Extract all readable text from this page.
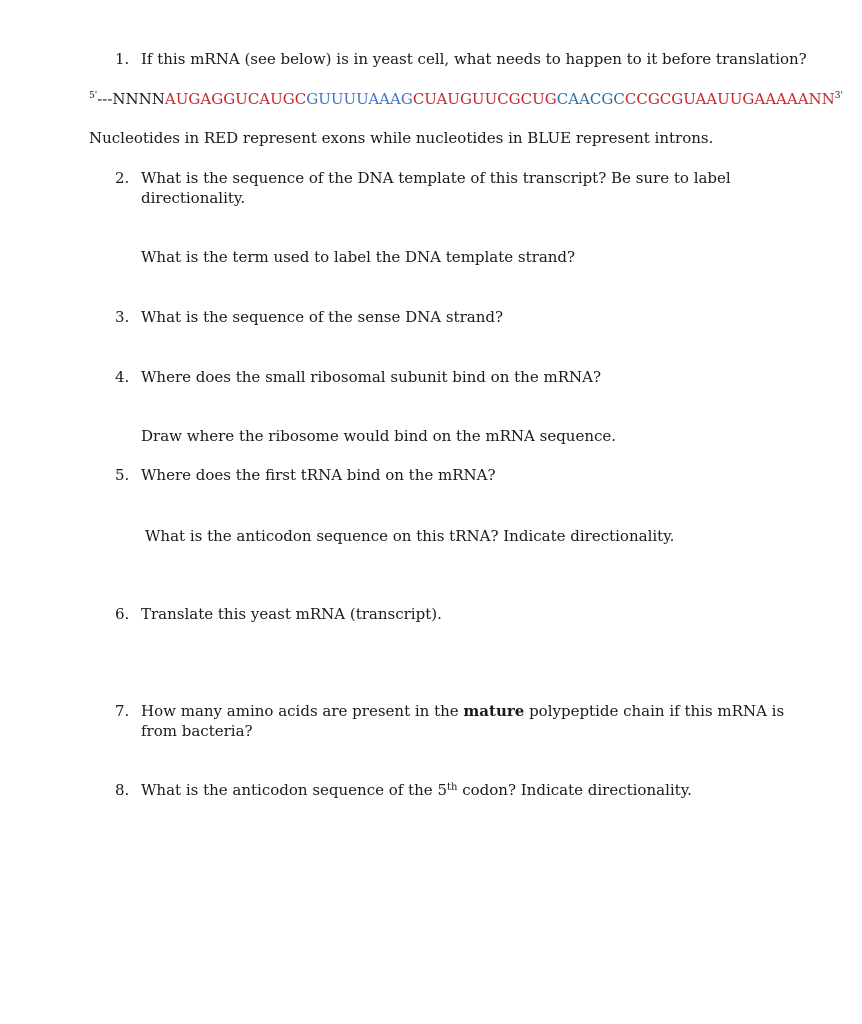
1. If this mRNA (see below) is in yeast cell, what needs to happen to it before translation?
$^{5'}---NNNNAUGAGGUCAUGCGUUUUAAAGCUAUGUUCGCUGCAACGCCCGCGUAAUUGAAAAANN^{3'}$
Nucleotides in RED represent exons while nucleotides in BLUE represent introns.
2. What is the sequence of the DNA template of this transcript? Be sure to label
directionality.
What is the term used to label the DNA template strand?
3. What is the sequence of the sense DNA strand?
4. Where does the small ribosomal subunit bind on the mRNA?
Draw where the ribosome would bind on the mRNA sequence.
5. Where does the first tRNA bind on the mRNA?
What is the anticodon sequence on this tRNA? Indicate directionality.
6. Translate this yeast mRNA (transcript).
7. How many amino acids are present in the mature polypeptide chain if this mRNA is
from bacteria?
8. What is the anticodon sequence of the 5th codon? Indicate directionality.
